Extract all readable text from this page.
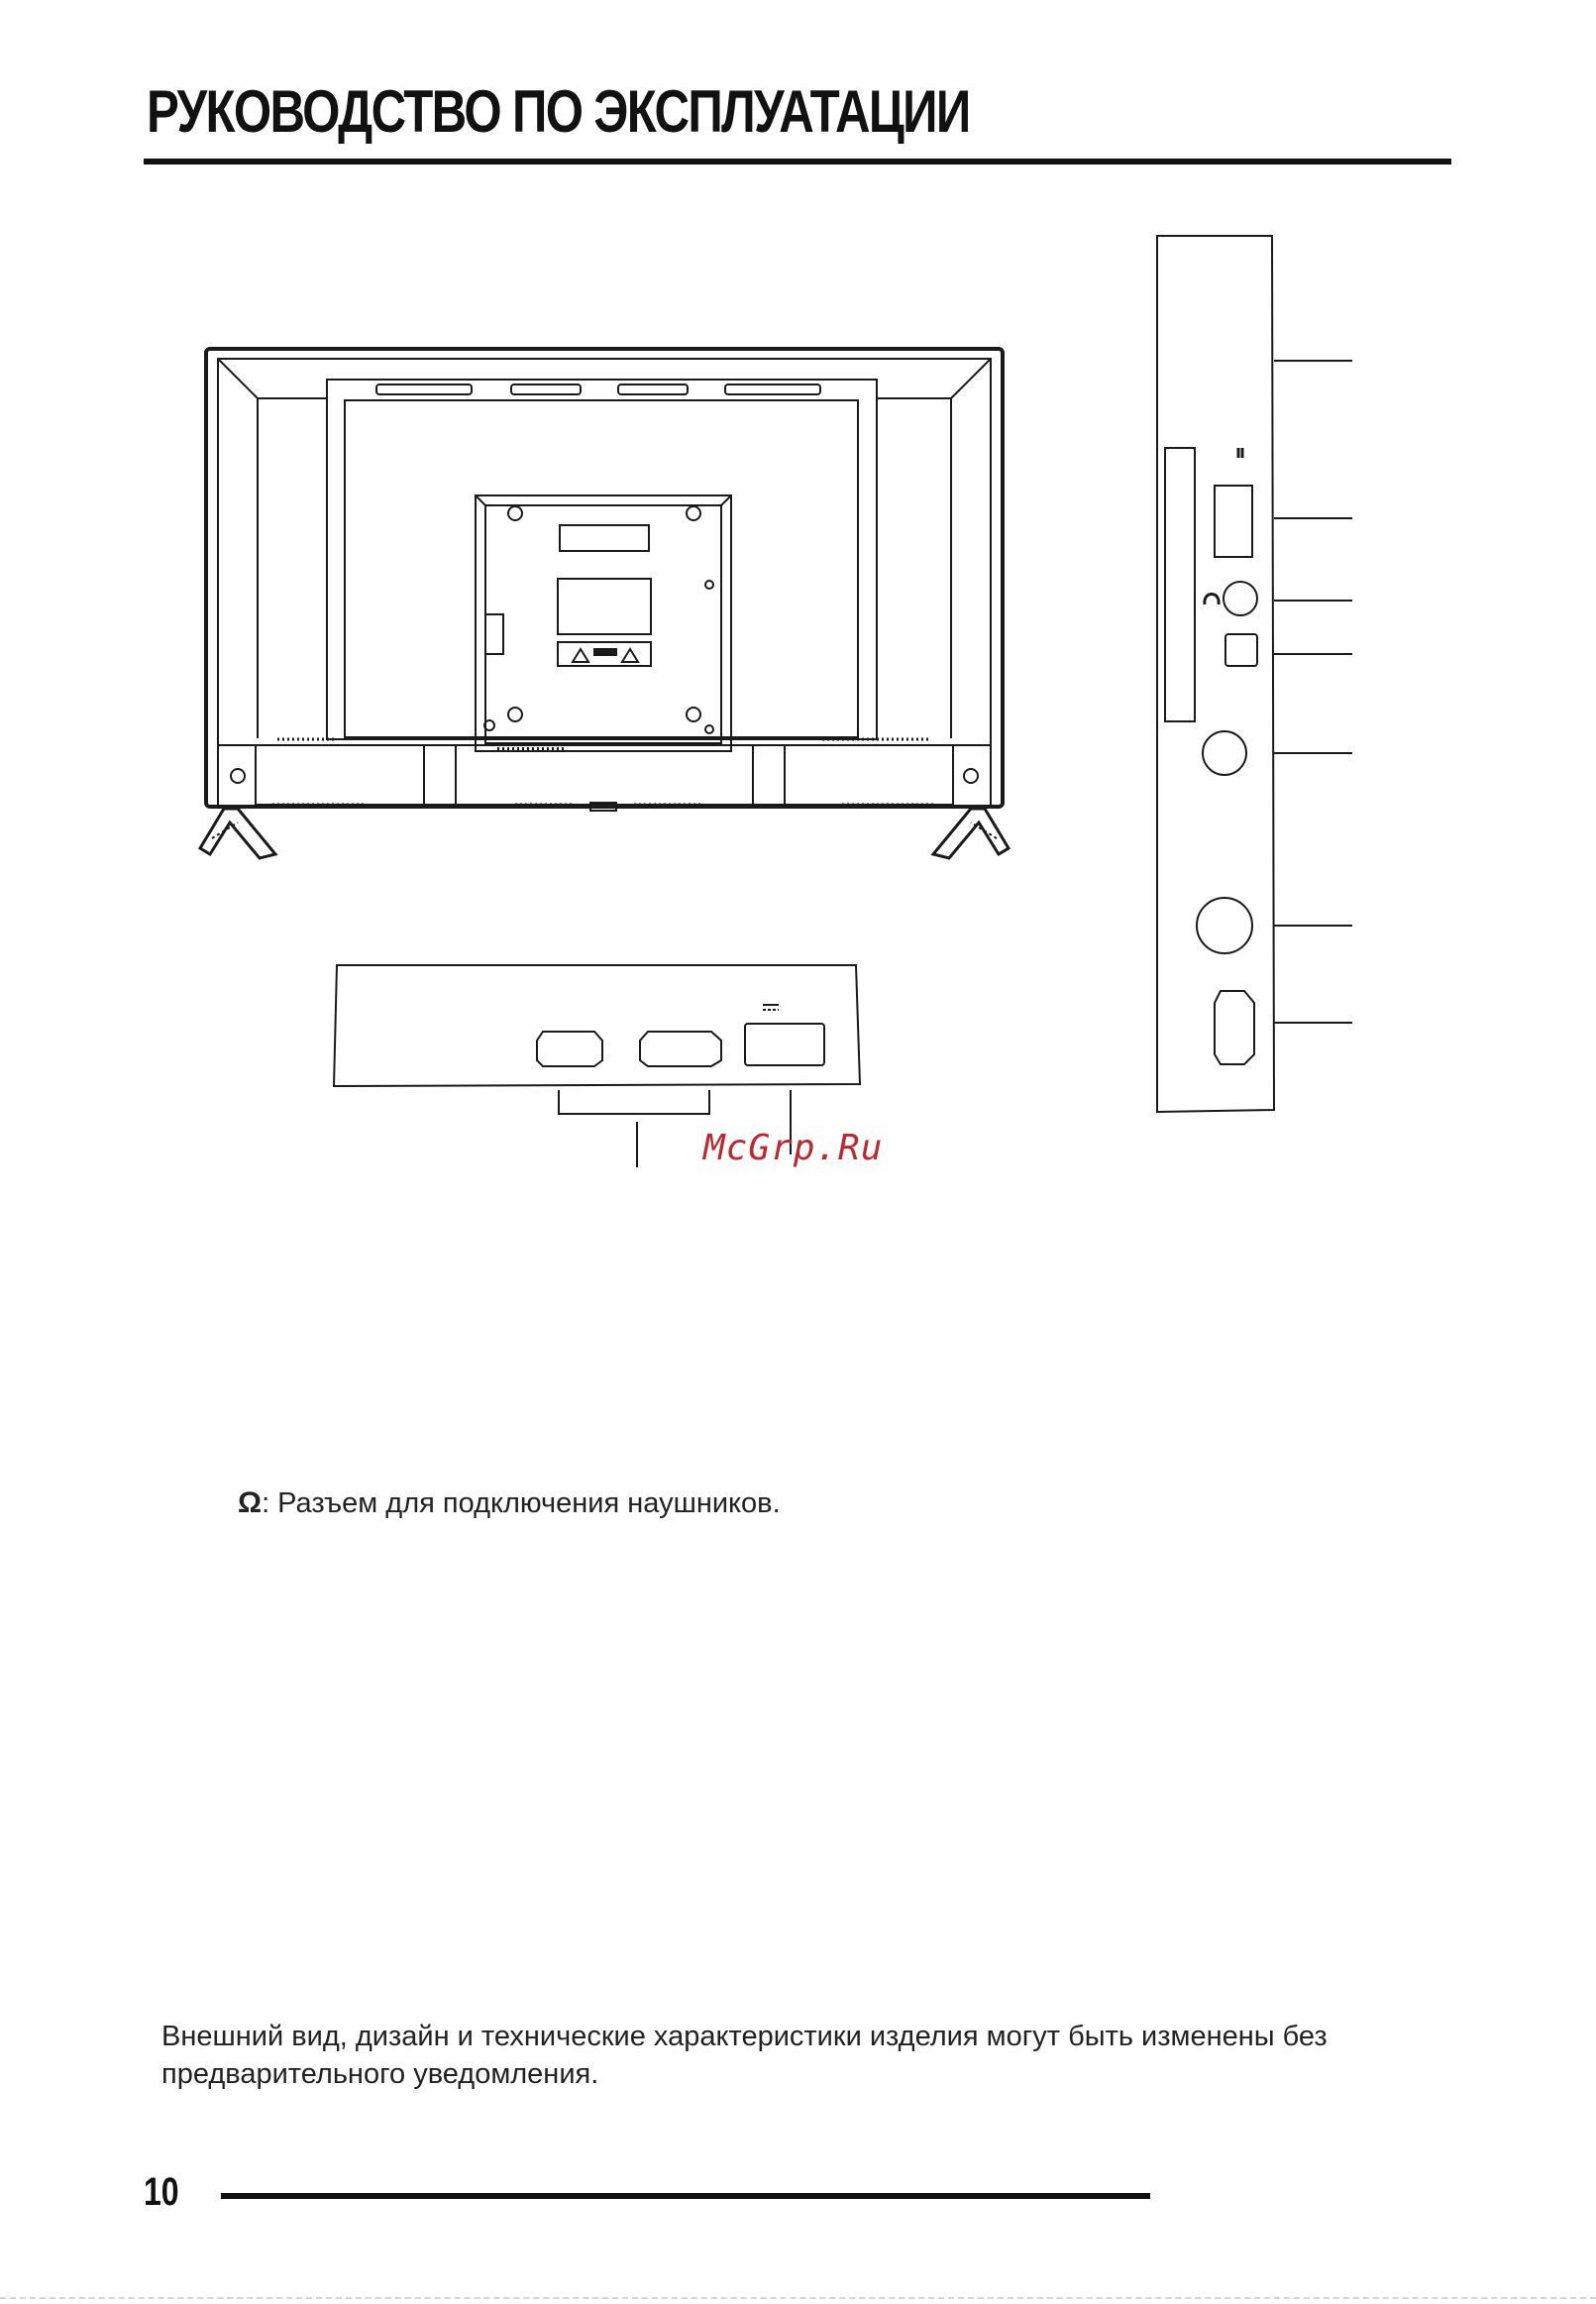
РУКОВОДСТВО ПО ЭКСПЛУАТАЦИИ
McGrp.Ru
Ω: Разъем для подключения наушников.
Внешний вид, дизайн и технические характеристики изделия могут быть изменены без предварительного уведомления.
10
